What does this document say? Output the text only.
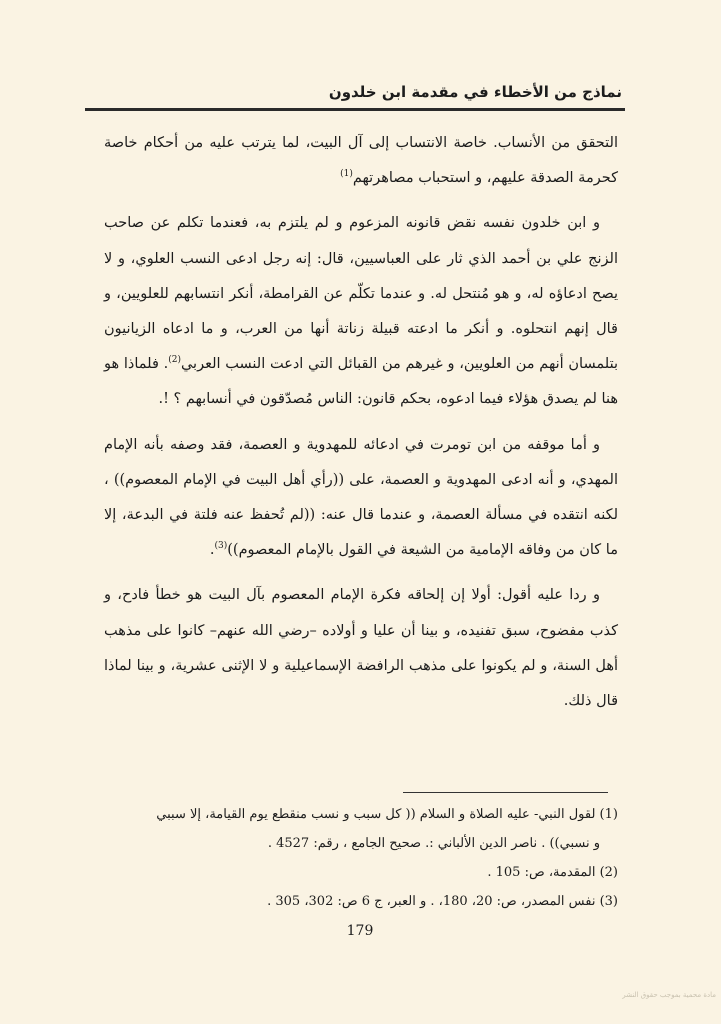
نماذج من الأخطاء في مقدمة ابن خلدون

التحقق من الأنساب. خاصة الانتساب إلى آل البيت، لما يترتب عليه من أحكام خاصة كحرمة الصدقة عليهم، و استحباب مصاهرتهم$^{(1)}$

و ابن خلدون نفسه نقض قانونه المزعوم و لم يلتزم به، فعندما تكلم عن صاحب الزنج علي بن أحمد الذي ثار على العباسيين، قال: إنه رجل ادعى النسب العلوي، و لا يصح ادعاؤه له، و هو مُنتحل له. و عندما تكلّم عن القرامطة، أنكر انتسابهم للعلويين، و قال إنهم انتحلوه. و أنكر ما ادعته قبيلة زناتة أنها من العرب، و ما ادعاه الزيانيون بتلمسان أنهم من العلويين، و غيرهم من القبائل التي ادعت النسب العربي$^{(2)}$. فلماذا هو هنا لم يصدق هؤلاء فيما ادعوه، بحكم قانون: الناس مُصدّقون في أنسابهم ؟ !.

و أما موقفه من ابن تومرت في ادعائه للمهدوية و العصمة، فقد وصفه بأنه الإمام المهدي، و أنه ادعى المهدوية و العصمة، على ((رأي أهل البيت في الإمام المعصوم)) ، لكنه انتقده في مسألة العصمة، و عندما قال عنه: ((لم تُحفظ عنه فلتة في البدعة، إلا ما كان من وفاقه الإمامية من الشيعة في القول بالإمام المعصوم))$^{(3)}$.

و ردا عليه أقول: أولا إن إلحاقه فكرة الإمام المعصوم بآل البيت هو خطأ فادح، و كذب مفضوح، سبق تفنيده، و بينا أن عليا و أولاده –رضي الله عنهم– كانوا على مذهب أهل السنة، و لم يكونوا على مذهب الرافضة الإسماعيلية و لا الإثنى عشرية، و بينا لماذا قال ذلك.

(1) لقول النبي- عليه الصلاة و السلام (( كل سبب و نسب منقطع يوم القيامة، إلا سببي

و نسبي)) . ناصر الدين الألباني :. صحيح الجامع ، رقم: 4527 .

(2) المقدمة، ص: 105 .

(3) نفس المصدر، ص: 20، 180، . و العبر، ج 6 ص: 302، 305 .

179
مادة محمية بموجب حقوق النشر
